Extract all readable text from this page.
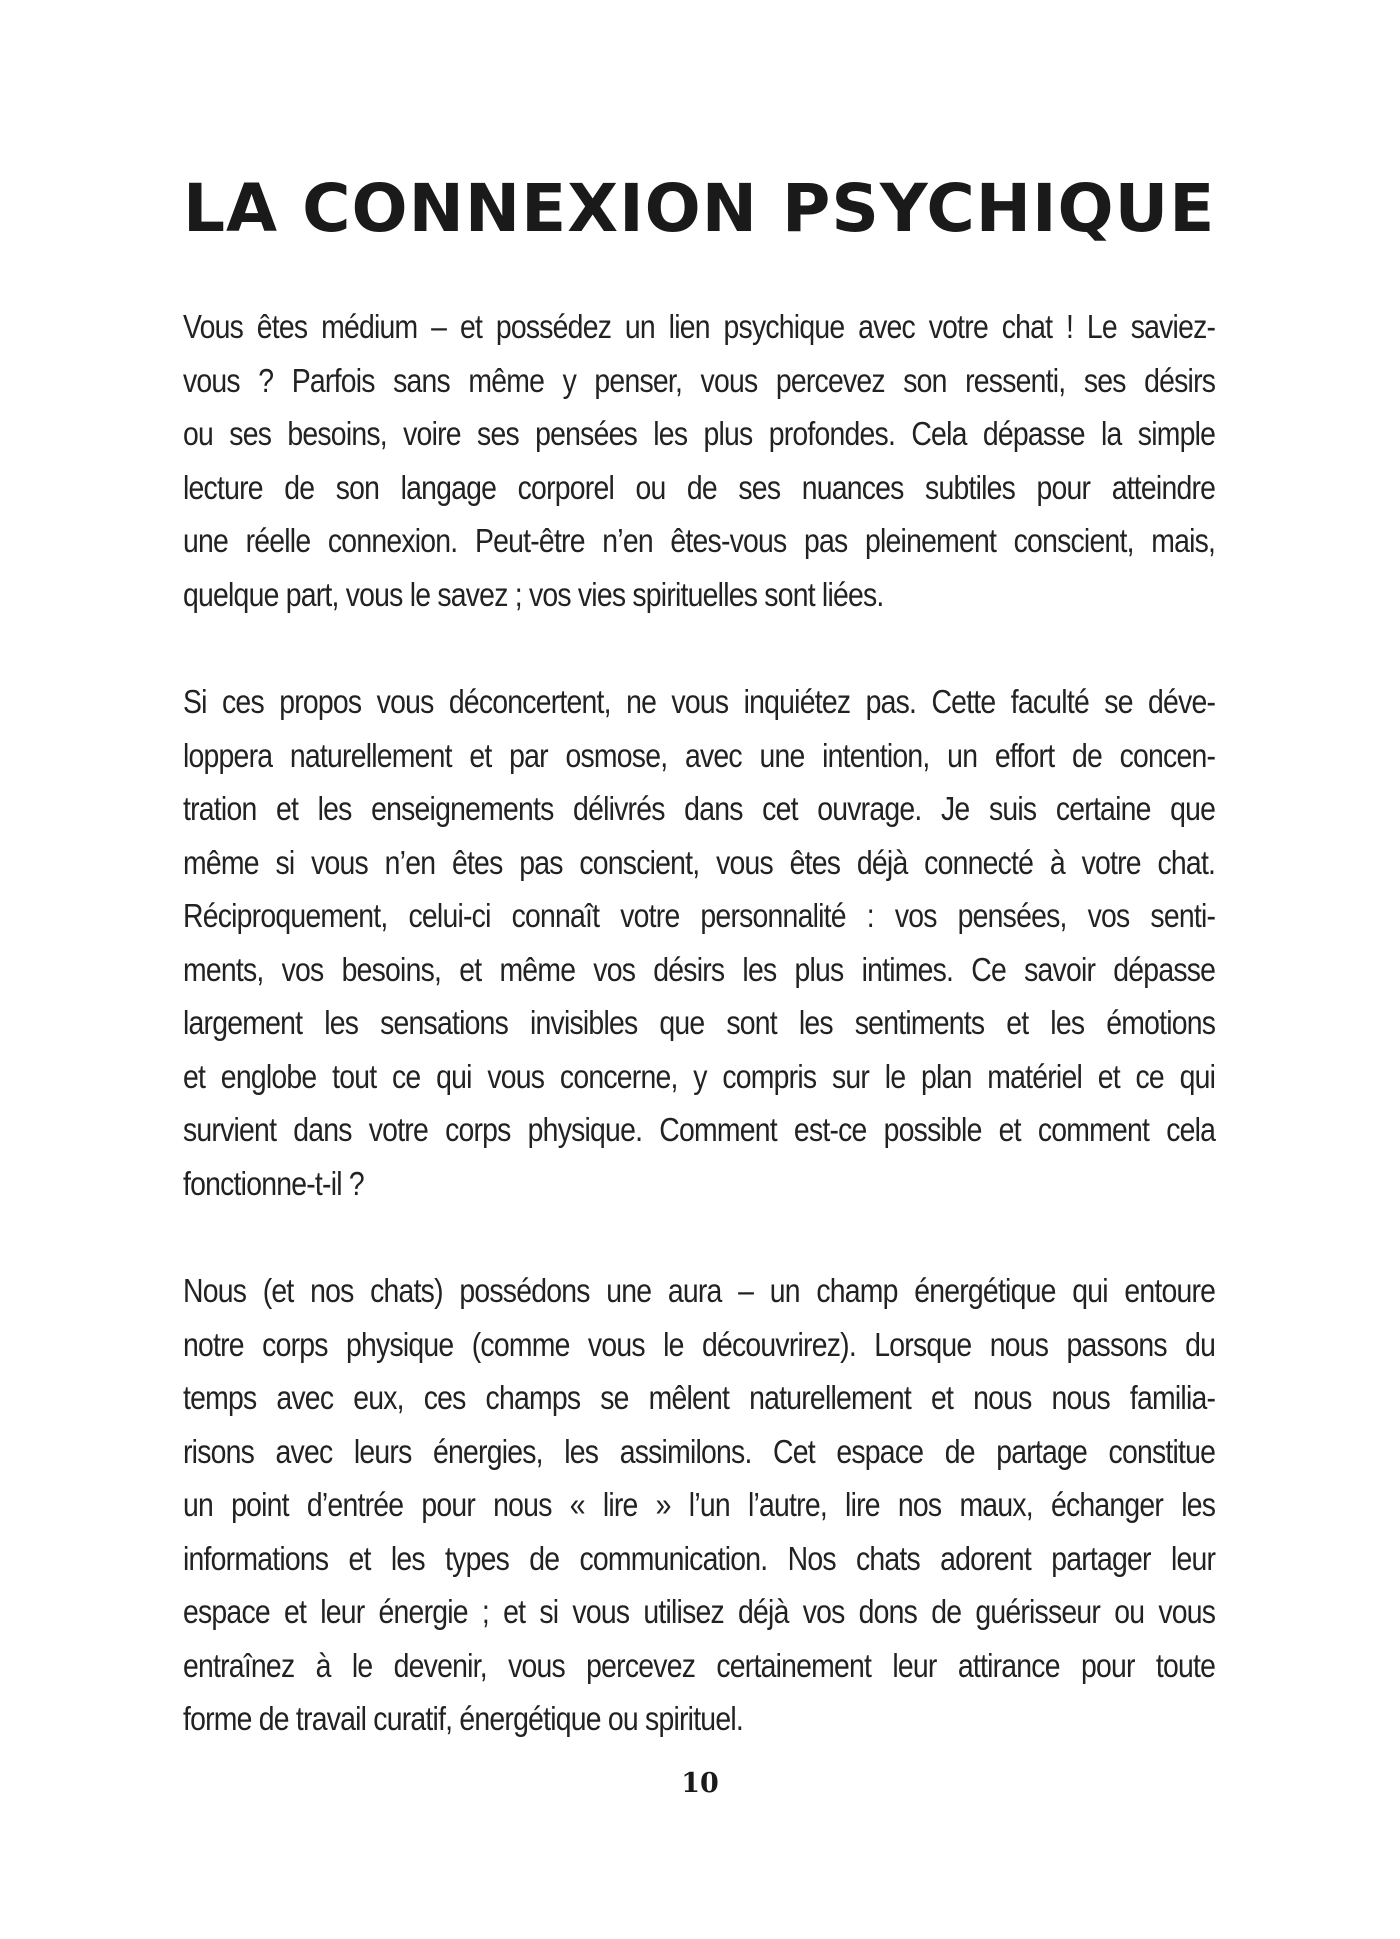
LA CONNEXION PSYCHIQUE

Vous êtes médium – et possédez un lien psychique avec votre chat ! Le saviez-
vous ? Parfois sans même y penser, vous percevez son ressenti, ses désirs
ou ses besoins, voire ses pensées les plus profondes. Cela dépasse la simple
lecture de son langage corporel ou de ses nuances subtiles pour atteindre
une réelle connexion. Peut-être n’en êtes-vous pas pleinement conscient, mais,
quelque part, vous le savez ; vos vies spirituelles sont liées.

Si ces propos vous déconcertent, ne vous inquiétez pas. Cette faculté se déve-
loppera naturellement et par osmose, avec une intention, un effort de concen-
tration et les enseignements délivrés dans cet ouvrage. Je suis certaine que
même si vous n’en êtes pas conscient, vous êtes déjà connecté à votre chat.
Réciproquement, celui-ci connaît votre personnalité : vos pensées, vos senti-
ments, vos besoins, et même vos désirs les plus intimes. Ce savoir dépasse
largement les sensations invisibles que sont les sentiments et les émotions
et englobe tout ce qui vous concerne, y compris sur le plan matériel et ce qui
survient dans votre corps physique. Comment est-ce possible et comment cela
fonctionne-t-il ?

Nous (et nos chats) possédons une aura – un champ énergétique qui entoure
notre corps physique (comme vous le découvrirez). Lorsque nous passons du
temps avec eux, ces champs se mêlent naturellement et nous nous familia-
risons avec leurs énergies, les assimilons. Cet espace de partage constitue
un point d’entrée pour nous « lire » l’un l’autre, lire nos maux, échanger les
informations et les types de communication. Nos chats adorent partager leur
espace et leur énergie ; et si vous utilisez déjà vos dons de guérisseur ou vous
entraînez à le devenir, vous percevez certainement leur attirance pour toute
forme de travail curatif, énergétique ou spirituel.

10
